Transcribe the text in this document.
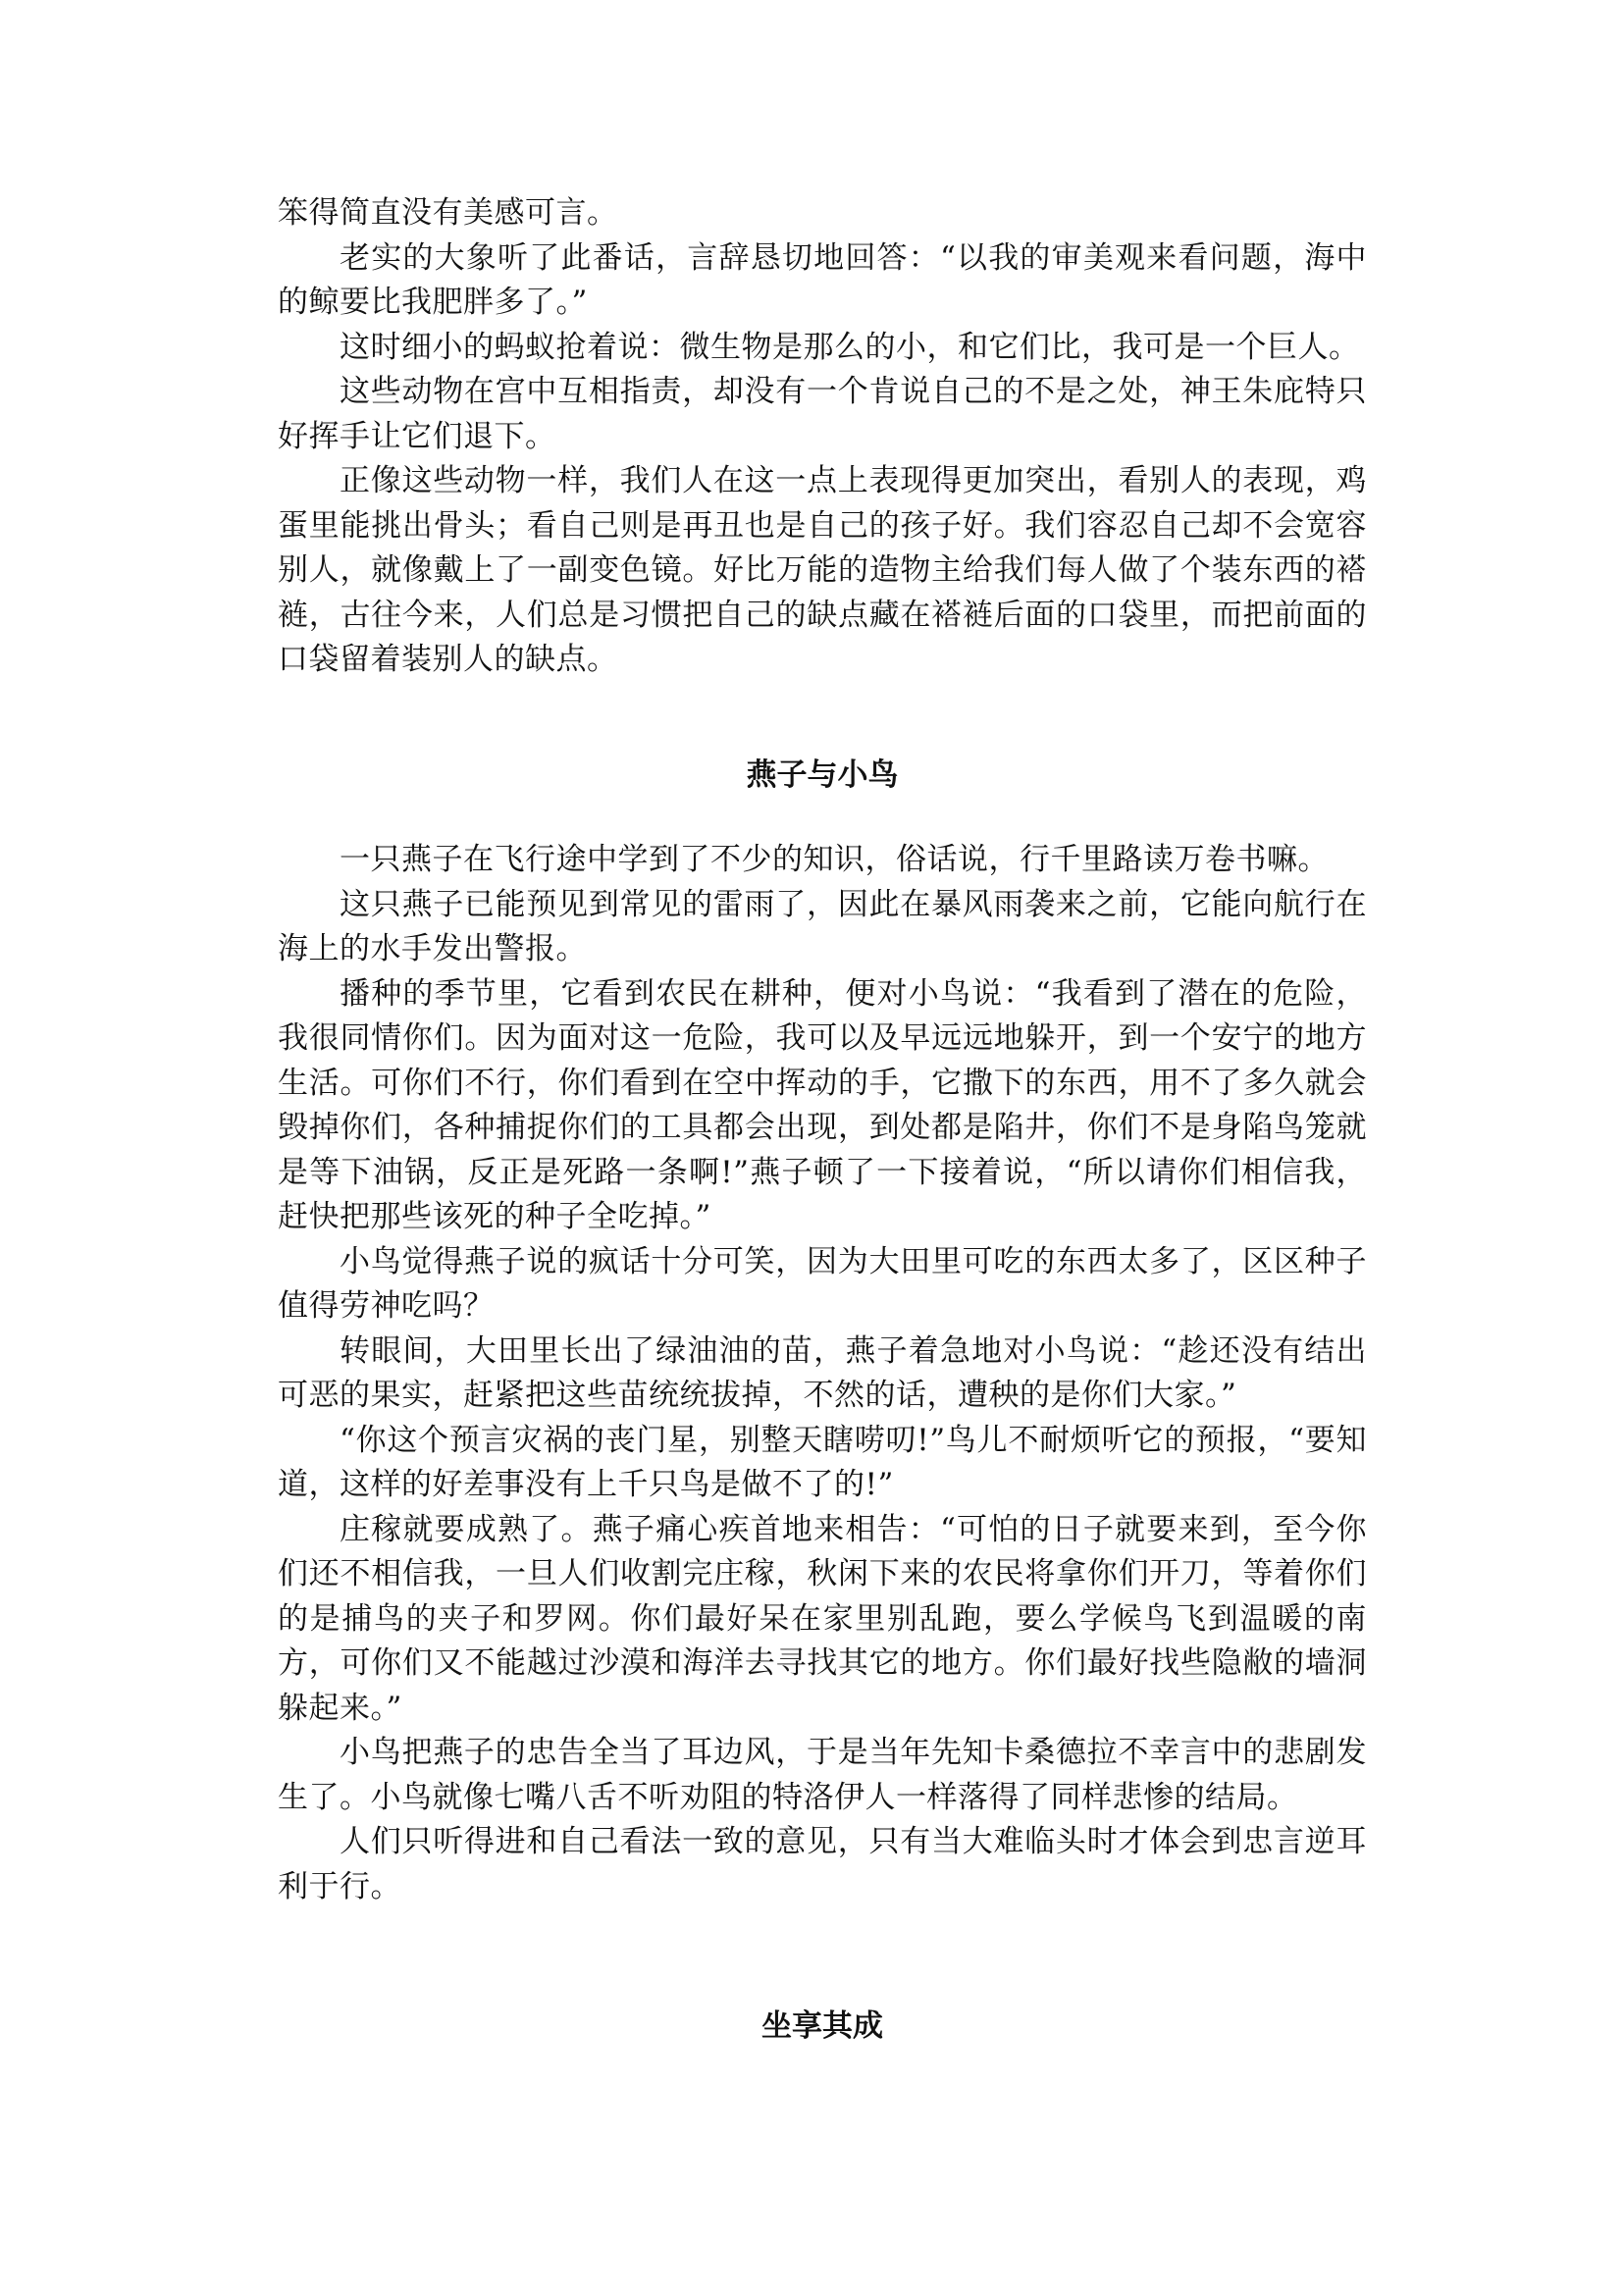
笨得简直没有美感可言。

老实的大象听了此番话，言辞恳切地回答：“以我的审美观来看问题，海中的鲸要比我肥胖多了。”

这时细小的蚂蚁抢着说：微生物是那么的小，和它们比，我可是一个巨人。

这些动物在宫中互相指责，却没有一个肯说自己的不是之处，神王朱庇特只好挥手让它们退下。

正像这些动物一样，我们人在这一点上表现得更加突出，看别人的表现，鸡蛋里能挑出骨头；看自己则是再丑也是自己的孩子好。我们容忍自己却不会宽容别人，就像戴上了一副变色镜。好比万能的造物主给我们每人做了个装东西的褡裢，古往今来，人们总是习惯把自己的缺点藏在褡裢后面的口袋里，而把前面的口袋留着装别人的缺点。

燕子与小鸟

一只燕子在飞行途中学到了不少的知识，俗话说，行千里路读万卷书嘛。

这只燕子已能预见到常见的雷雨了，因此在暴风雨袭来之前，它能向航行在海上的水手发出警报。

播种的季节里，它看到农民在耕种，便对小鸟说：“我看到了潜在的危险，我很同情你们。因为面对这一危险，我可以及早远远地躲开，到一个安宁的地方生活。可你们不行，你们看到在空中挥动的手，它撒下的东西，用不了多久就会毁掉你们，各种捕捉你们的工具都会出现，到处都是陷井，你们不是身陷鸟笼就是等下油锅，反正是死路一条啊!”燕子顿了一下接着说，“所以请你们相信我，赶快把那些该死的种子全吃掉。”

小鸟觉得燕子说的疯话十分可笑，因为大田里可吃的东西太多了，区区种子值得劳神吃吗？

转眼间，大田里长出了绿油油的苗，燕子着急地对小鸟说：“趁还没有结出可恶的果实，赶紧把这些苗统统拔掉，不然的话，遭秧的是你们大家。”

“你这个预言灾祸的丧门星，别整天瞎唠叨!”鸟儿不耐烦听它的预报，“要知道，这样的好差事没有上千只鸟是做不了的!”

庄稼就要成熟了。燕子痛心疾首地来相告：“可怕的日子就要来到，至今你们还不相信我，一旦人们收割完庄稼，秋闲下来的农民将拿你们开刀，等着你们的是捕鸟的夹子和罗网。你们最好呆在家里别乱跑，要么学候鸟飞到温暖的南方，可你们又不能越过沙漠和海洋去寻找其它的地方。你们最好找些隐敝的墙洞躲起来。”

小鸟把燕子的忠告全当了耳边风，于是当年先知卡桑德拉不幸言中的悲剧发生了。小鸟就像七嘴八舌不听劝阻的特洛伊人一样落得了同样悲惨的结局。

人们只听得进和自己看法一致的意见，只有当大难临头时才体会到忠言逆耳利于行。

坐享其成
